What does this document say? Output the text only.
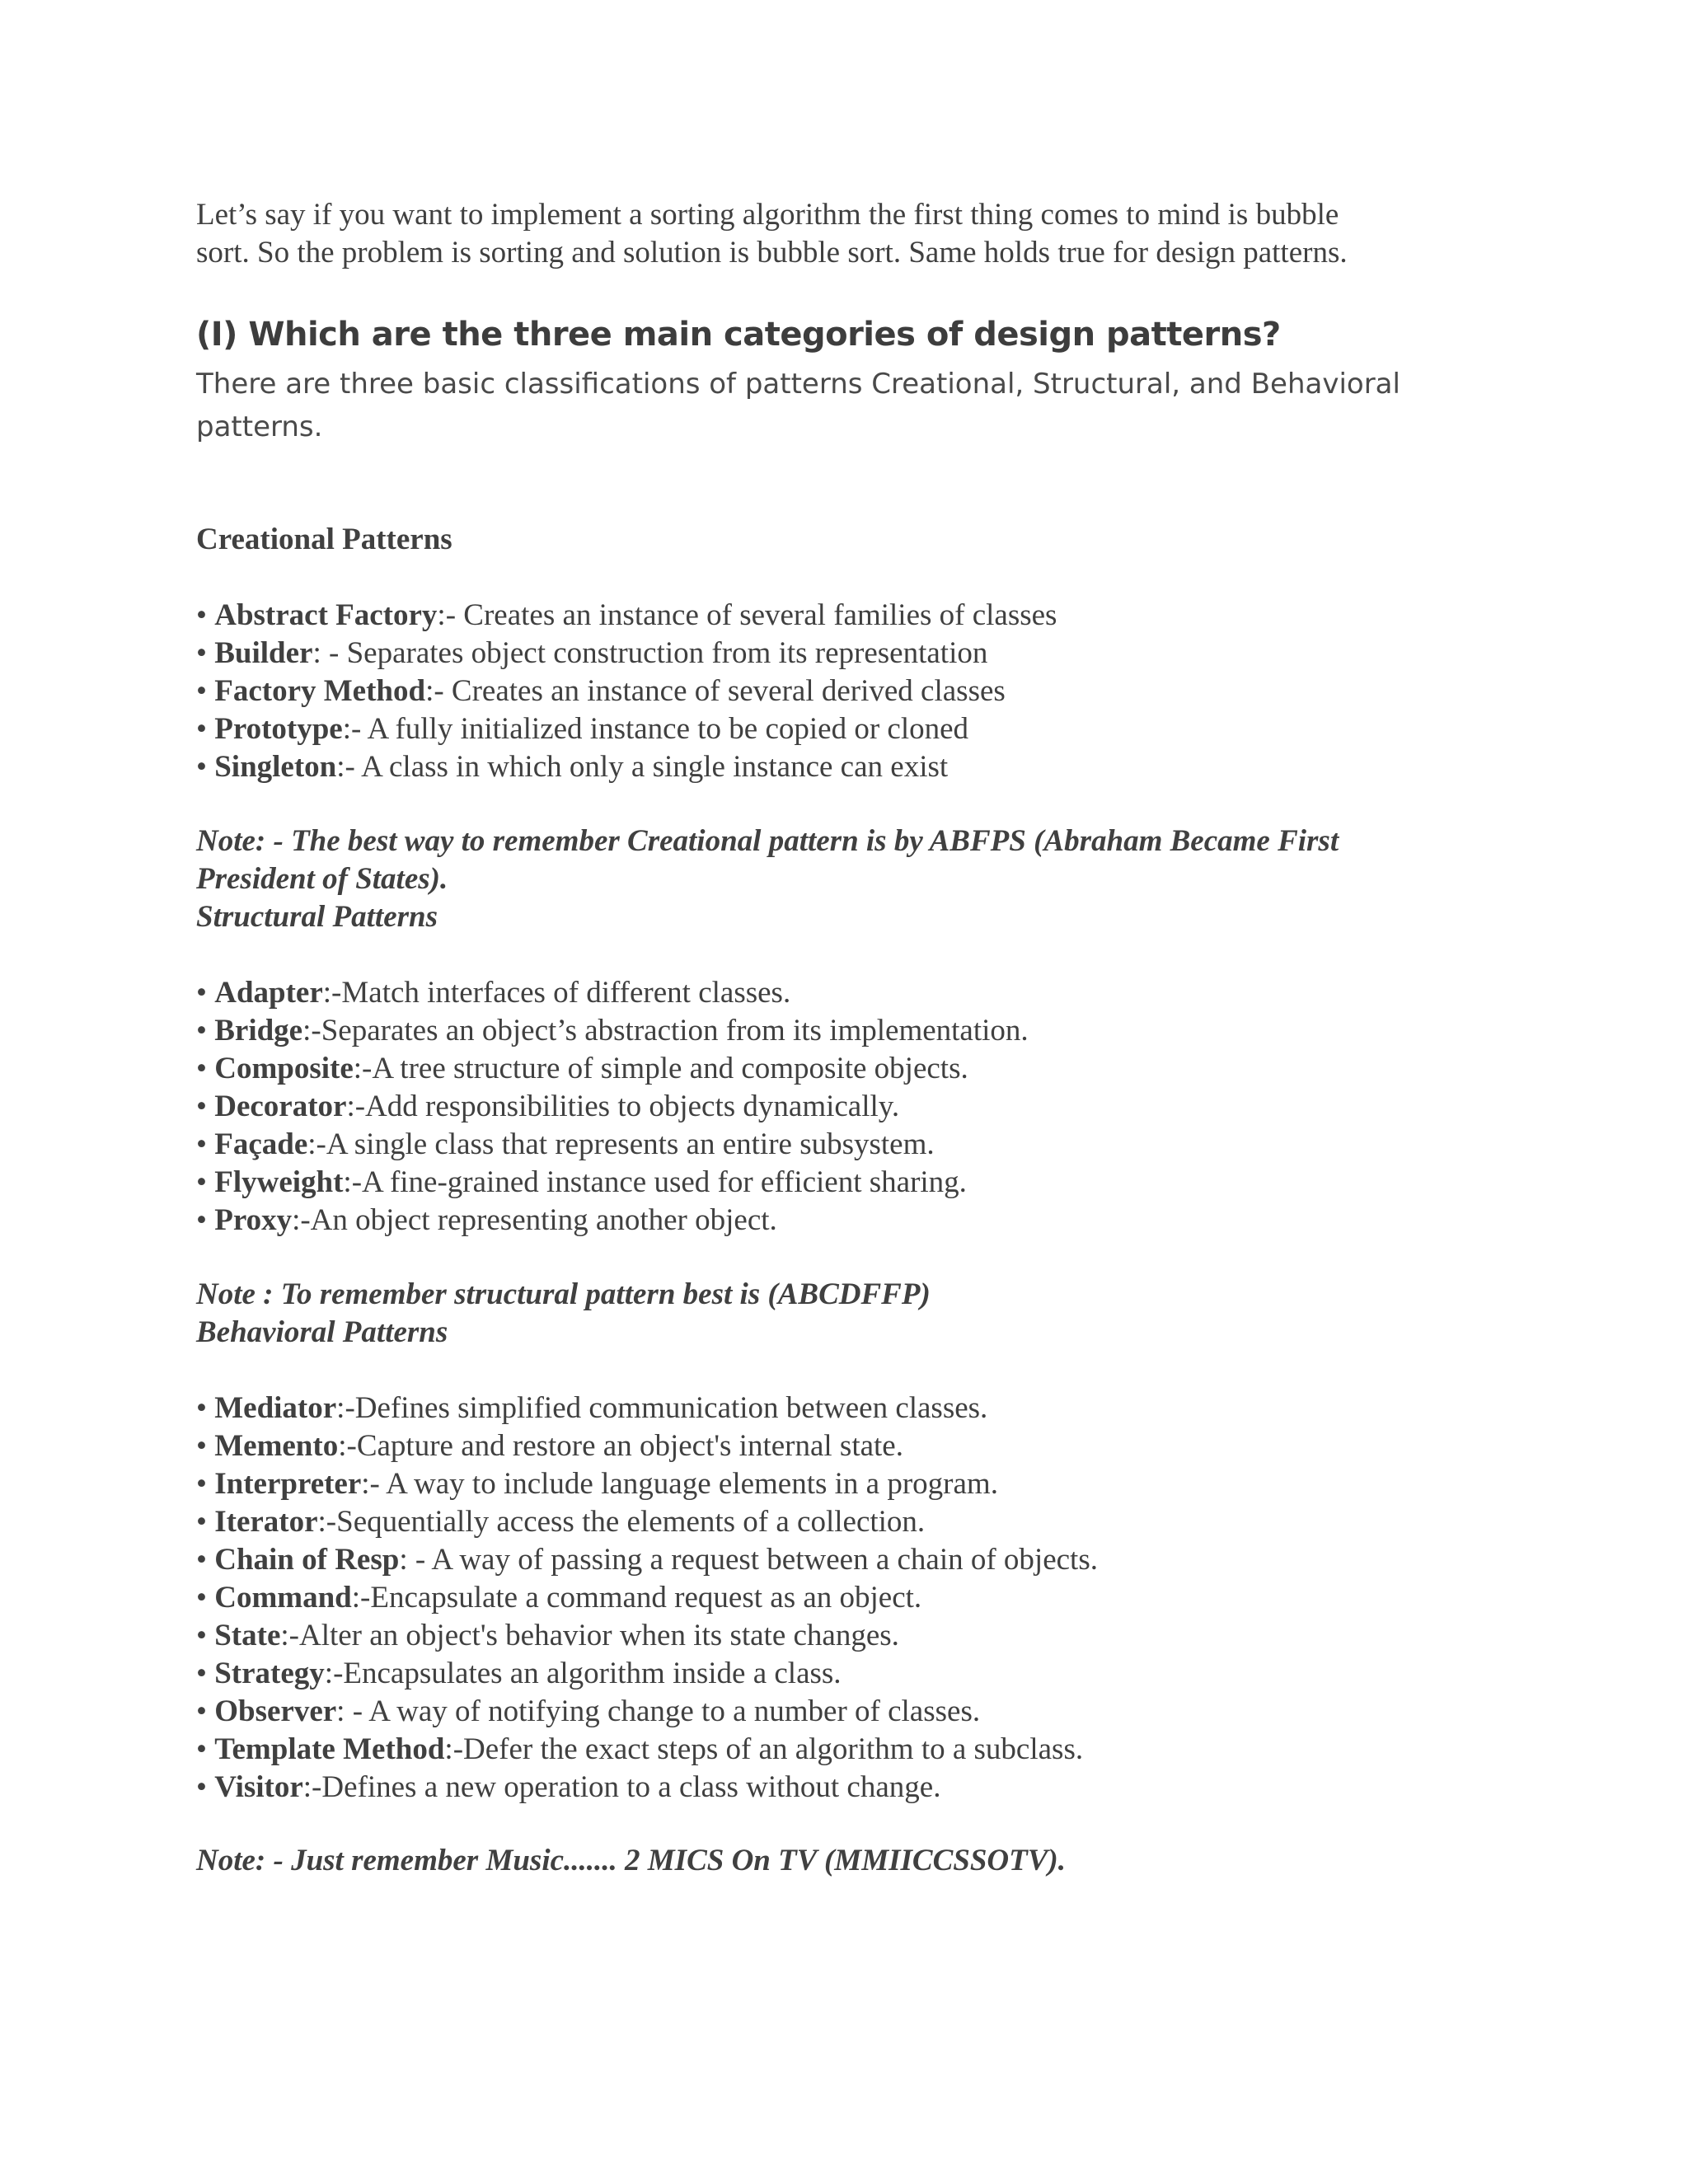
Let’s say if you want to implement a sorting algorithm the first thing comes to mind is bubble
sort. So the problem is sorting and solution is bubble sort. Same holds true for design patterns.
(I) Which are the three main categories of design patterns?

There are three basic classifications of patterns Creational, Structural, and Behavioral patterns.

Creational Patterns
• Abstract Factory:- Creates an instance of several families of classes
• Builder: - Separates object construction from its representation
• Factory Method:- Creates an instance of several derived classes
• Prototype:- A fully initialized instance to be copied or cloned
• Singleton:- A class in which only a single instance can exist
Note: - The best way to remember Creational pattern is by ABFPS (Abraham Became First
President of States).
Structural Patterns
• Adapter:-Match interfaces of different classes.
• Bridge:-Separates an object’s abstraction from its implementation.
• Composite:-A tree structure of simple and composite objects.
• Decorator:-Add responsibilities to objects dynamically.
• Façade:-A single class that represents an entire subsystem.
• Flyweight:-A fine-grained instance used for efficient sharing.
• Proxy:-An object representing another object.
Note : To remember structural pattern best is (ABCDFFP)
Behavioral Patterns
• Mediator:-Defines simplified communication between classes.
• Memento:-Capture and restore an object's internal state.
• Interpreter:- A way to include language elements in a program.
• Iterator:-Sequentially access the elements of a collection.
• Chain of Resp: - A way of passing a request between a chain of objects.
• Command:-Encapsulate a command request as an object.
• State:-Alter an object's behavior when its state changes.
• Strategy:-Encapsulates an algorithm inside a class.
• Observer: - A way of notifying change to a number of classes.
• Template Method:-Defer the exact steps of an algorithm to a subclass.
• Visitor:-Defines a new operation to a class without change.
Note: - Just remember Music....... 2 MICS On TV (MMIICCSSOTV).
